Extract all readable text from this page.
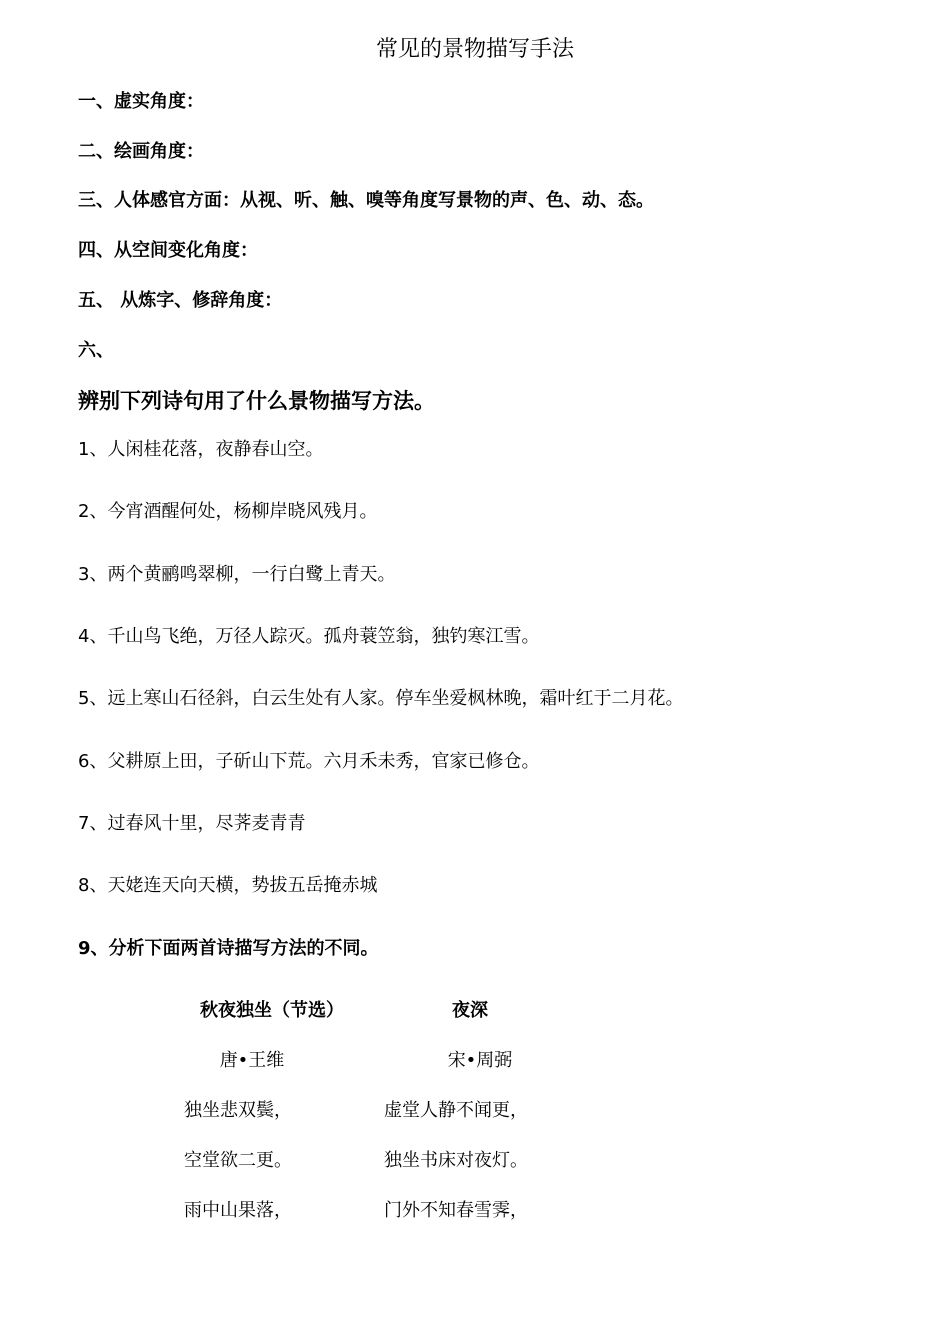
常见的景物描写手法
一、虚实角度：
二、绘画角度：
三、人体感官方面：从视、听、触、嗅等角度写景物的声、色、动、态。
四、从空间变化角度：
五、 从炼字、修辞角度：
六、
辨别下列诗句用了什么景物描写方法。
1、人闲桂花落，夜静春山空。
2、今宵酒醒何处，杨柳岸晓风残月。
3、两个黄鹂鸣翠柳，一行白鹭上青天。
4、千山鸟飞绝，万径人踪灭。孤舟蓑笠翁，独钓寒江雪。
5、远上寒山石径斜，白云生处有人家。停车坐爱枫林晚，霜叶红于二月花。
6、父耕原上田，子斫山下荒。六月禾未秀，官家已修仓。
7、过春风十里，尽荠麦青青
8、天姥连天向天横，势拔五岳掩赤城
9、分析下面两首诗描写方法的不同。
秋夜独坐（节选）
唐•王维
独坐悲双鬓，
空堂欲二更。
雨中山果落，
夜深
宋•周弼
虚堂人静不闻更，
独坐书床对夜灯。
门外不知春雪霁，
